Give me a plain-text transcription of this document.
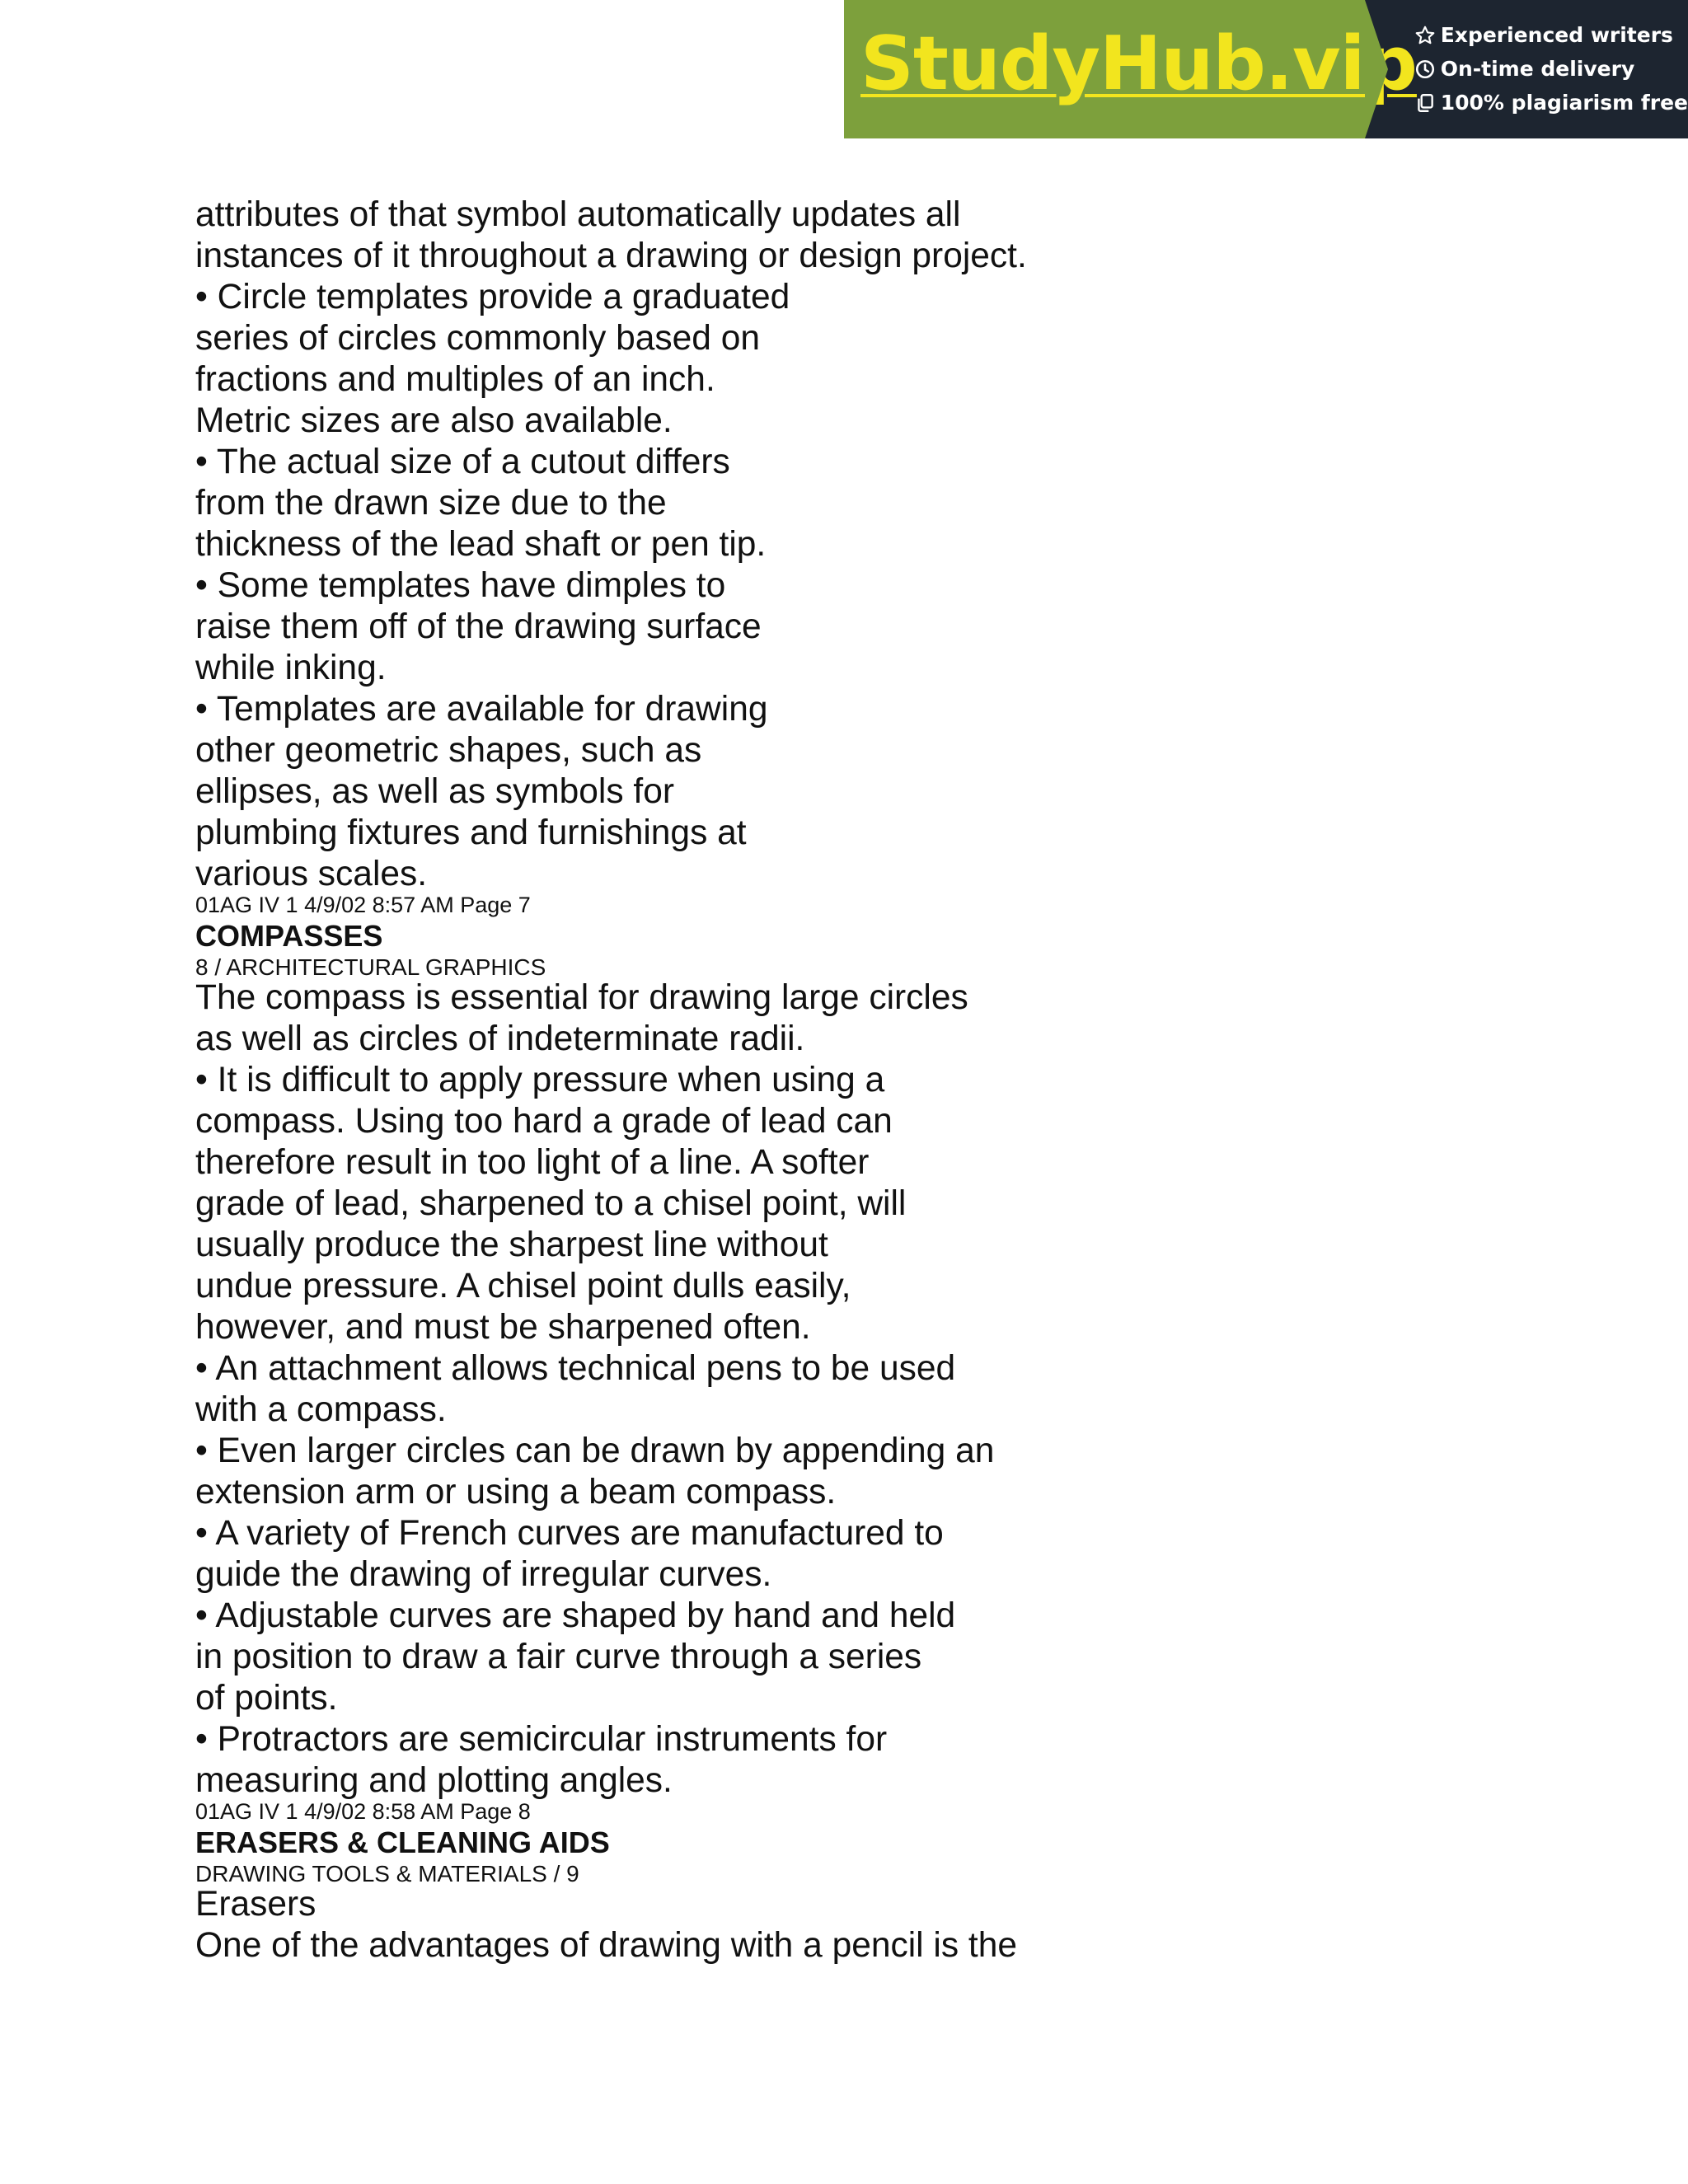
StudyHub.vip Experienced writers
On-time delivery
100% plagiarism free
attributes of that symbol automatically updates all
instances of it throughout a drawing or design project.
• Circle templates provide a graduated
series of circles commonly based on
fractions and multiples of an inch.
Metric sizes are also available.
• The actual size of a cutout differs
from the drawn size due to the
thickness of the lead shaft or pen tip.
• Some templates have dimples to
raise them off of the drawing surface
while inking.
• Templates are available for drawing
other geometric shapes, such as
ellipses, as well as symbols for
plumbing fixtures and furnishings at
various scales.
01AG IV 1 4/9/02 8:57 AM Page 7
COMPASSES
8 / ARCHITECTURAL GRAPHICS
The compass is essential for drawing large circles
as well as circles of indeterminate radii.
• It is difficult to apply pressure when using a
compass. Using too hard a grade of lead can
therefore result in too light of a line. A softer
grade of lead, sharpened to a chisel point, will
usually produce the sharpest line without
undue pressure. A chisel point dulls easily,
however, and must be sharpened often.
• An attachment allows technical pens to be used
with a compass.
• Even larger circles can be drawn by appending an
extension arm or using a beam compass.
• A variety of French curves are manufactured to
guide the drawing of irregular curves.
• Adjustable curves are shaped by hand and held
in position to draw a fair curve through a series
of points.
• Protractors are semicircular instruments for
measuring and plotting angles.
01AG IV 1 4/9/02 8:58 AM Page 8
ERASERS & CLEANING AIDS
DRAWING TOOLS & MATERIALS / 9
Erasers
One of the advantages of drawing with a pencil is the
